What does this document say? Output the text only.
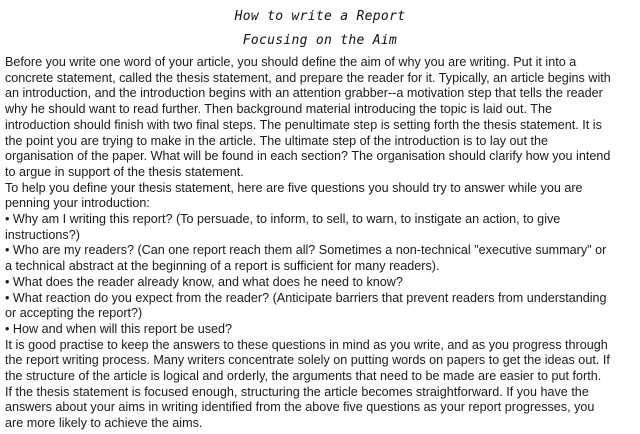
How to write a Report
Focusing on the Aim
Before you write one word of your article, you should define the aim of why you are writing. Put it into a
concrete statement, called the thesis statement, and prepare the reader for it. Typically, an article begins with
an introduction, and the introduction begins with an attention grabber--a motivation step that tells the reader
why he should want to read further. Then background material introducing the topic is laid out. The
introduction should finish with two final steps. The penultimate step is setting forth the thesis statement. It is
the point you are trying to make in the article. The ultimate step of the introduction is to lay out the
organisation of the paper. What will be found in each section? The organisation should clarify how you intend
to argue in support of the thesis statement.
To help you define your thesis statement, here are five questions you should try to answer while you are
penning your introduction:
• Why am I writing this report? (To persuade, to inform, to sell, to warn, to instigate an action, to give
instructions?)
• Who are my readers? (Can one report reach them all? Sometimes a non-technical "executive summary" or
a technical abstract at the beginning of a report is sufficient for many readers).
• What does the reader already know, and what does he need to know?
• What reaction do you expect from the reader? (Anticipate barriers that prevent readers from understanding
or accepting the report?)
• How and when will this report be used?
It is good practise to keep the answers to these questions in mind as you write, and as you progress through
the report writing process. Many writers concentrate solely on putting words on papers to get the ideas out. If
the structure of the article is logical and orderly, the arguments that need to be made are easier to put forth.
If the thesis statement is focused enough, structuring the article becomes straightforward. If you have the
answers about your aims in writing identified from the above five questions as your report progresses, you
are more likely to achieve the aims.
